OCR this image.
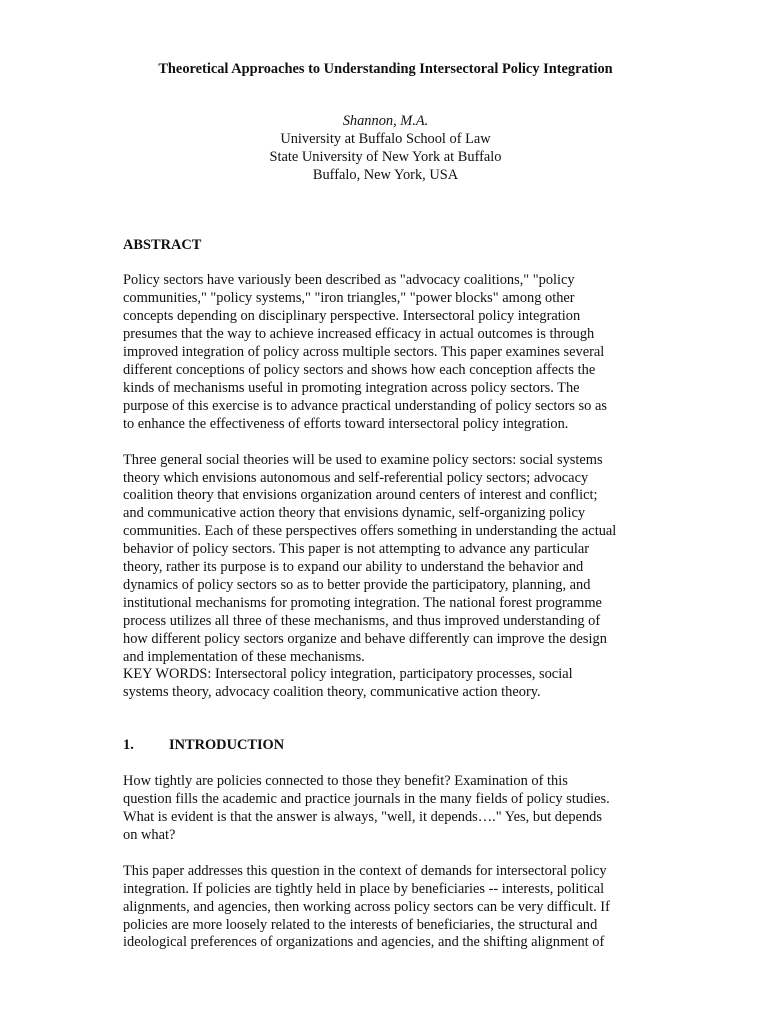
Theoretical Approaches to Understanding Intersectoral Policy Integration
Shannon, M.A.
University at Buffalo School of Law
State University of New York at Buffalo
Buffalo, New York, USA
ABSTRACT
Policy sectors have variously been described as "advocacy coalitions," "policy
communities," "policy systems," "iron triangles," "power blocks" among other
concepts depending on disciplinary perspective. Intersectoral policy integration
presumes that the way to achieve increased efficacy in actual outcomes is through
improved integration of policy across multiple sectors. This paper examines several
different conceptions of policy sectors and shows how each conception affects the
kinds of mechanisms useful in promoting integration across policy sectors. The
purpose of this exercise is to advance practical understanding of policy sectors so as
to enhance the effectiveness of efforts toward intersectoral policy integration.
Three general social theories will be used to examine policy sectors: social systems
theory which envisions autonomous and self-referential policy sectors; advocacy
coalition theory that envisions organization around centers of interest and conflict;
and communicative action theory that envisions dynamic, self-organizing policy
communities. Each of these perspectives offers something in understanding the actual
behavior of policy sectors. This paper is not attempting to advance any particular
theory, rather its purpose is to expand our ability to understand the behavior and
dynamics of policy sectors so as to better provide the participatory, planning, and
institutional mechanisms for promoting integration. The national forest programme
process utilizes all three of these mechanisms, and thus improved understanding of
how different policy sectors organize and behave differently can improve the design
and implementation of these mechanisms.
KEY WORDS: Intersectoral policy integration, participatory processes, social
systems theory, advocacy coalition theory, communicative action theory.
1.	INTRODUCTION
How tightly are policies connected to those they benefit? Examination of this
question fills the academic and practice journals in the many fields of policy studies.
What is evident is that the answer is always, "well, it depends…." Yes, but depends
on what?
This paper addresses this question in the context of demands for intersectoral policy
integration. If policies are tightly held in place by beneficiaries -- interests, political
alignments, and agencies, then working across policy sectors can be very difficult. If
policies are more loosely related to the interests of beneficiaries, the structural and
ideological preferences of organizations and agencies, and the shifting alignment of
